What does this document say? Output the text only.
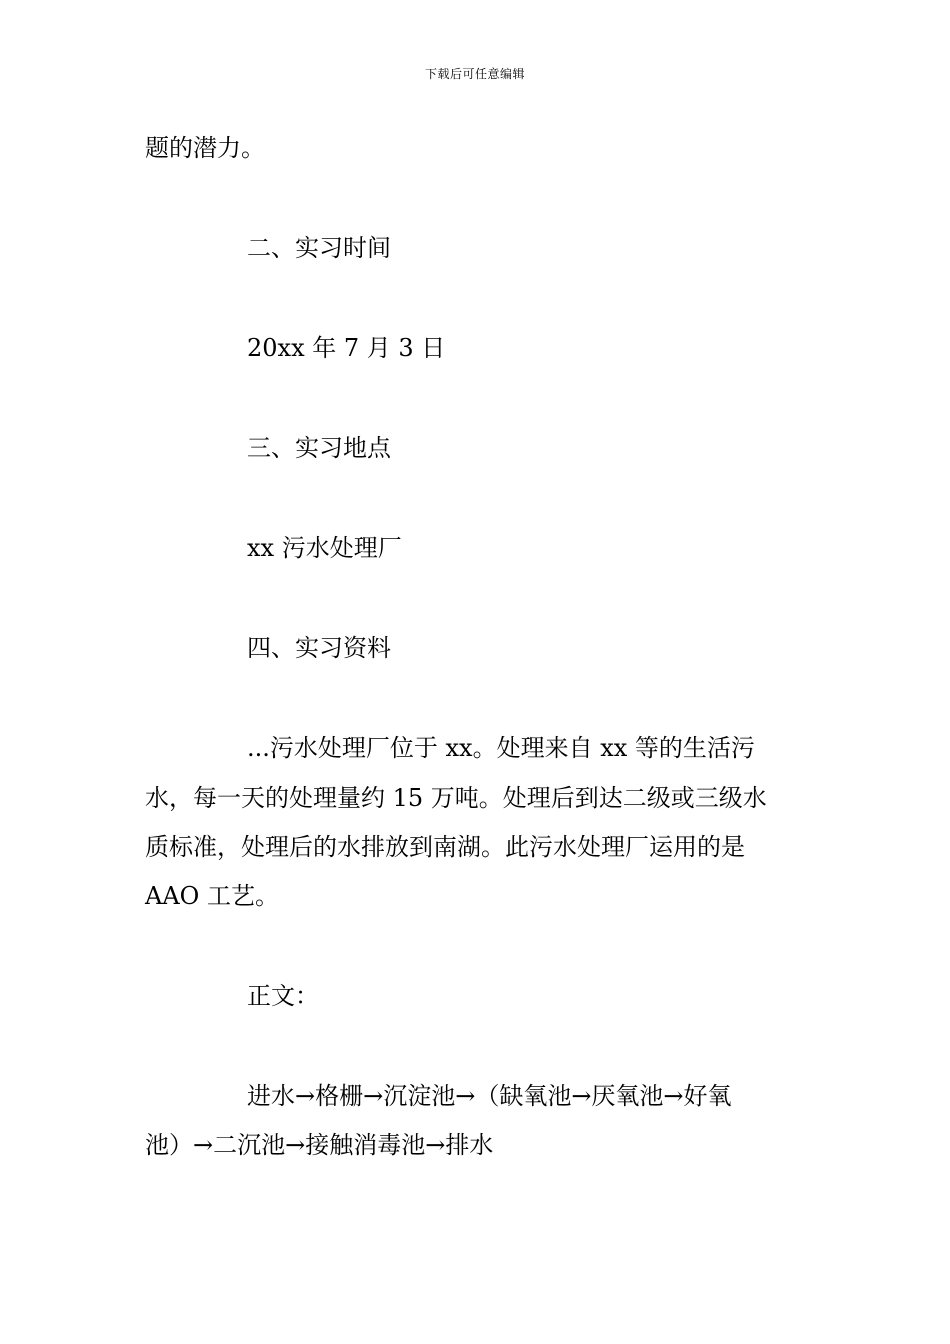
下载后可任意编辑
题的潜力。
二、实习时间
20xx 年 7 月 3 日
三、实习地点
xx 污水处理厂
四、实习资料
...污水处理厂位于 xx。处理来自 xx 等的生活污
水，每一天的处理量约 15 万吨。处理后到达二级或三级水
质标准，处理后的水排放到南湖。此污水处理厂运用的是
AAO 工艺。
正文：
进水→格栅→沉淀池→（缺氧池→厌氧池→好氧
池）→二沉池→接触消毒池→排水
